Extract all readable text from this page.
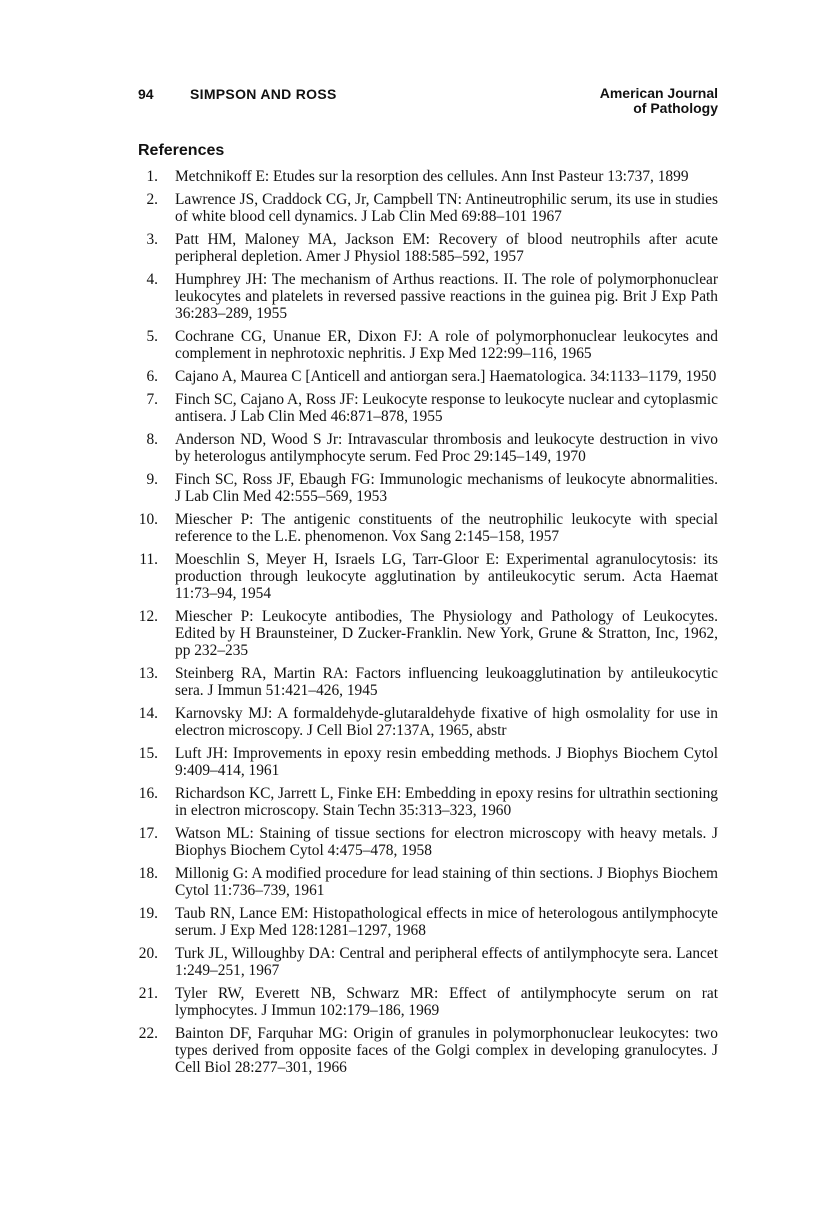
94	SIMPSON AND ROSS	American Journal
of Pathology
References
1. Metchnikoff E: Etudes sur la resorption des cellules. Ann Inst Pasteur 13:737, 1899
2. Lawrence JS, Craddock CG, Jr, Campbell TN: Antineutrophilic serum, its use in studies of white blood cell dynamics. J Lab Clin Med 69:88–101 1967
3. Patt HM, Maloney MA, Jackson EM: Recovery of blood neutrophils after acute peripheral depletion. Amer J Physiol 188:585–592, 1957
4. Humphrey JH: The mechanism of Arthus reactions. II. The role of polymorphonuclear leukocytes and platelets in reversed passive reactions in the guinea pig. Brit J Exp Path 36:283–289, 1955
5. Cochrane CG, Unanue ER, Dixon FJ: A role of polymorphonuclear leukocytes and complement in nephrotoxic nephritis. J Exp Med 122:99–116, 1965
6. Cajano A, Maurea C [Anticell and antiorgan sera.] Haematologica. 34:1133–1179, 1950
7. Finch SC, Cajano A, Ross JF: Leukocyte response to leukocyte nuclear and cytoplasmic antisera. J Lab Clin Med 46:871–878, 1955
8. Anderson ND, Wood S Jr: Intravascular thrombosis and leukocyte destruction in vivo by heterologus antilymphocyte serum. Fed Proc 29:145–149, 1970
9. Finch SC, Ross JF, Ebaugh FG: Immunologic mechanisms of leukocyte abnormalities. J Lab Clin Med 42:555–569, 1953
10. Miescher P: The antigenic constituents of the neutrophilic leukocyte with special reference to the L.E. phenomenon. Vox Sang 2:145–158, 1957
11. Moeschlin S, Meyer H, Israels LG, Tarr-Gloor E: Experimental agranulocytosis: its production through leukocyte agglutination by antileukocytic serum. Acta Haemat 11:73–94, 1954
12. Miescher P: Leukocyte antibodies, The Physiology and Pathology of Leukocytes. Edited by H Braunsteiner, D Zucker-Franklin. New York, Grune & Stratton, Inc, 1962, pp 232–235
13. Steinberg RA, Martin RA: Factors influencing leukoagglutination by antileukocytic sera. J Immun 51:421–426, 1945
14. Karnovsky MJ: A formaldehyde-glutaraldehyde fixative of high osmolality for use in electron microscopy. J Cell Biol 27:137A, 1965, abstr
15. Luft JH: Improvements in epoxy resin embedding methods. J Biophys Biochem Cytol 9:409–414, 1961
16. Richardson KC, Jarrett L, Finke EH: Embedding in epoxy resins for ultrathin sectioning in electron microscopy. Stain Techn 35:313–323, 1960
17. Watson ML: Staining of tissue sections for electron microscopy with heavy metals. J Biophys Biochem Cytol 4:475–478, 1958
18. Millonig G: A modified procedure for lead staining of thin sections. J Biophys Biochem Cytol 11:736–739, 1961
19. Taub RN, Lance EM: Histopathological effects in mice of heterologous antilymphocyte serum. J Exp Med 128:1281–1297, 1968
20. Turk JL, Willoughby DA: Central and peripheral effects of antilymphocyte sera. Lancet 1:249–251, 1967
21. Tyler RW, Everett NB, Schwarz MR: Effect of antilymphocyte serum on rat lymphocytes. J Immun 102:179–186, 1969
22. Bainton DF, Farquhar MG: Origin of granules in polymorphonuclear leukocytes: two types derived from opposite faces of the Golgi complex in developing granulocytes. J Cell Biol 28:277–301, 1966
